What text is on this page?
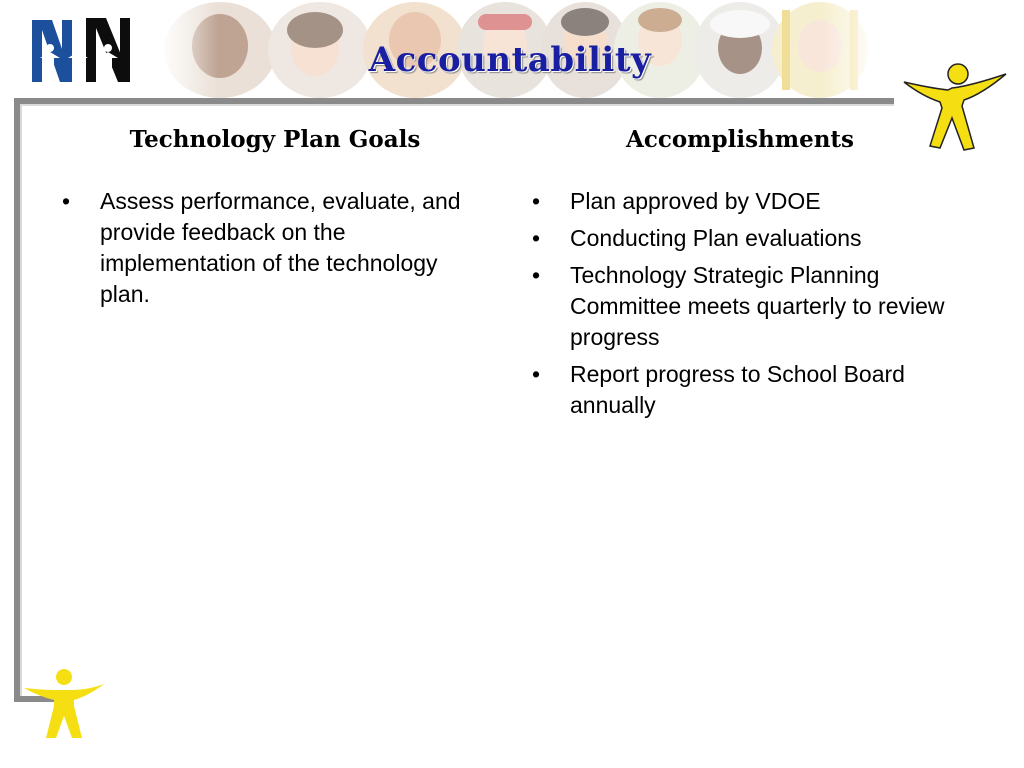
Accountability
Technology Plan Goals	Accomplishments
• Assess performance, evaluate, and provide feedback on the implementation of the technology plan.
• Plan approved by VDOE
• Conducting Plan evaluations
• Technology Strategic Planning Committee meets quarterly to review progress
• Report progress to School Board annually
